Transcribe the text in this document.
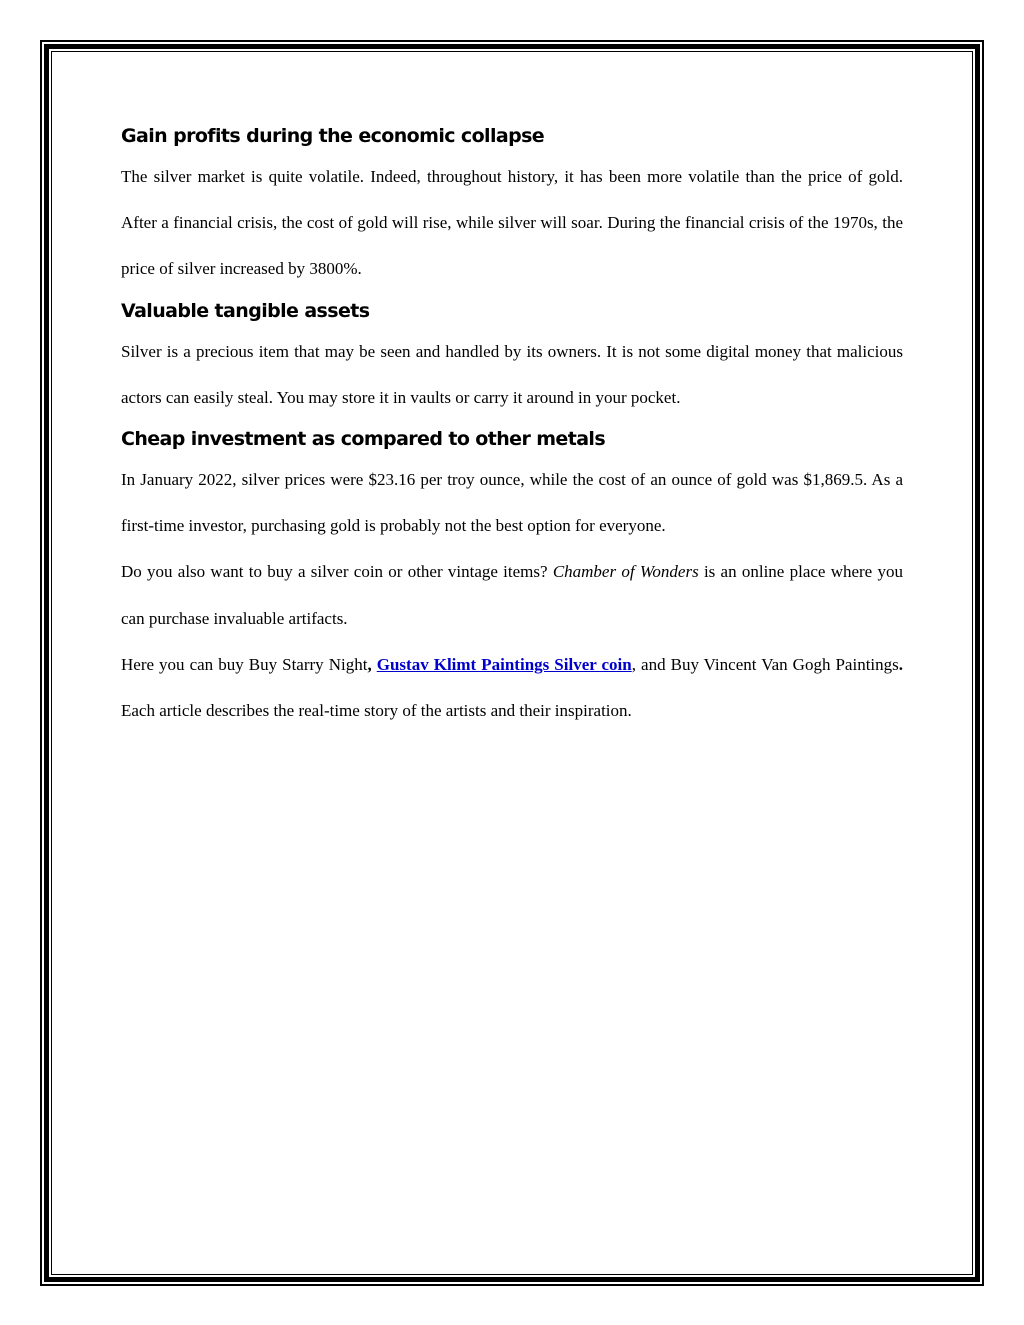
Gain profits during the economic collapse

The silver market is quite volatile. Indeed, throughout history, it has been more volatile than the price of gold. After a financial crisis, the cost of gold will rise, while silver will soar. During the financial crisis of the 1970s, the price of silver increased by 3800%.

Valuable tangible assets

Silver is a precious item that may be seen and handled by its owners. It is not some digital money that malicious actors can easily steal. You may store it in vaults or carry it around in your pocket.

Cheap investment as compared to other metals

In January 2022, silver prices were $23.16 per troy ounce, while the cost of an ounce of gold was $1,869.5. As a first-time investor, purchasing gold is probably not the best option for everyone.

Do you also want to buy a silver coin or other vintage items? Chamber of Wonders is an online place where you can purchase invaluable artifacts.

Here you can buy Buy Starry Night, Gustav Klimt Paintings Silver coin, and Buy Vincent Van Gogh Paintings. Each article describes the real-time story of the artists and their inspiration.
